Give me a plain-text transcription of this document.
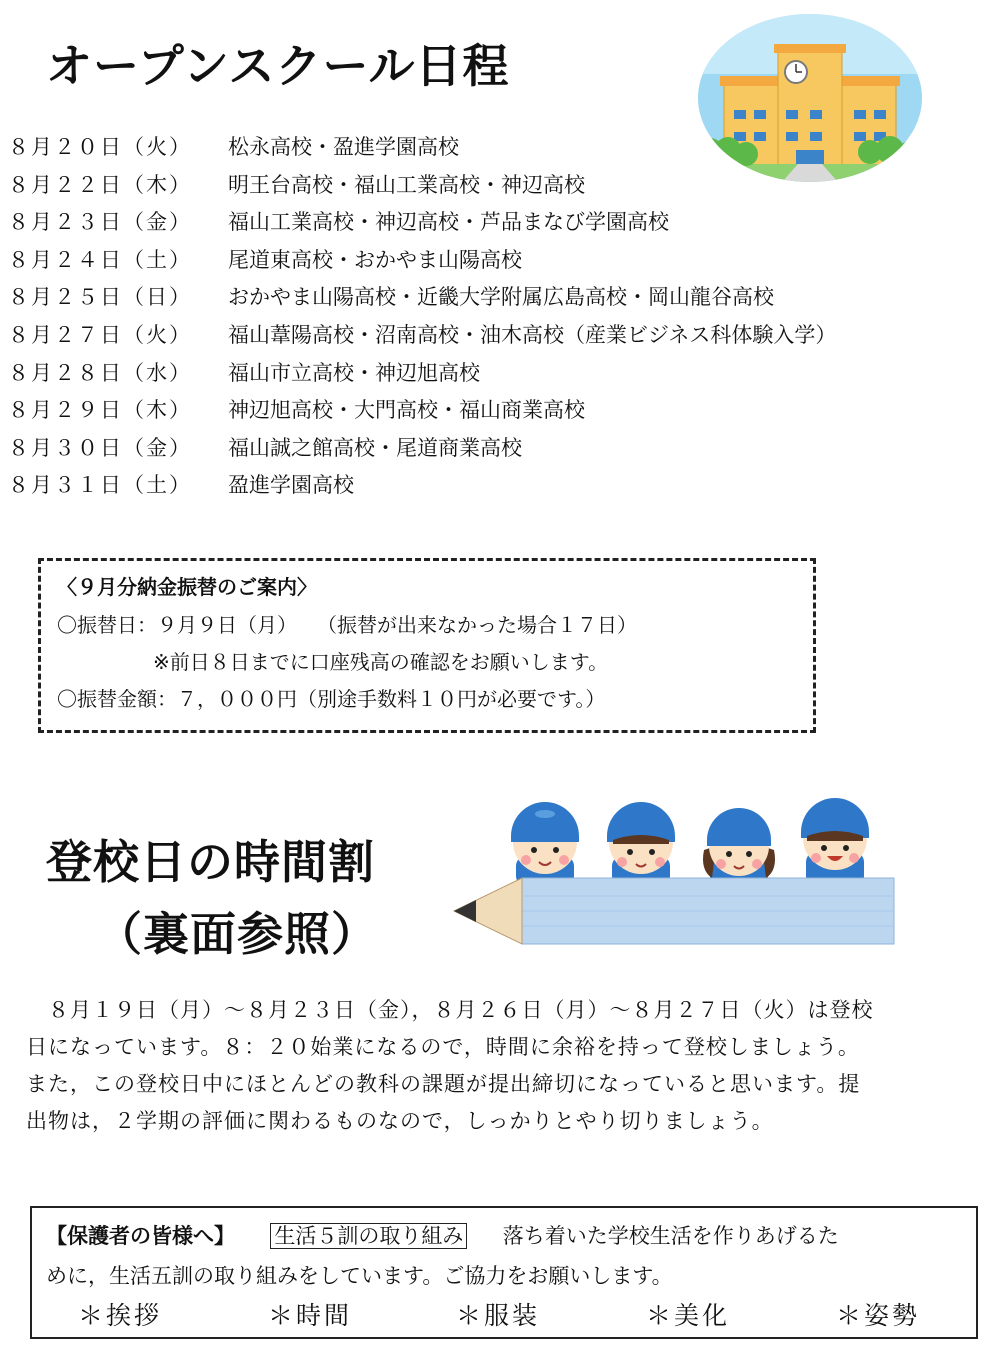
オープンスクール日程
８月２０日（火） 松永高校・盈進学園高校
８月２２日（木） 明王台高校・福山工業高校・神辺高校
８月２３日（金） 福山工業高校・神辺高校・芦品まなび学園高校
８月２４日（土） 尾道東高校・おかやま山陽高校
８月２５日（日） おかやま山陽高校・近畿大学附属広島高校・岡山龍谷高校
８月２７日（火） 福山葦陽高校・沼南高校・油木高校（産業ビジネス科体験入学）
８月２８日（水） 福山市立高校・神辺旭高校
８月２９日（木） 神辺旭高校・大門高校・福山商業高校
８月３０日（金） 福山誠之館高校・尾道商業高校
８月３１日（土） 盈進学園高校
〈９月分納金振替のご案内〉
〇振替日：９月９日（月）　　（振替が出来なかった場合１７日）
※前日８日までに口座残高の確認をお願いします。
〇振替金額：７，０００円（別途手数料１０円が必要です。）
登校日の時間割
（裏面参照）

　８月１９日（月）～８月２３日（金），８月２６日（月）～８月２７日（火）は登校

日になっています。８：２０始業になるので，時間に余裕を持って登校しましょう。

また，この登校日中にほとんどの教科の課題が提出締切になっていると思います。提

出物は，２学期の評価に関わるものなので，しっかりとやり切りましょう。

【保護者の皆様へ】 生活５訓の取り組み 落ち着いた学校生活を作りあげるた
めに，生活五訓の取り組みをしています。ご協力をお願いします。
＊挨拶	＊時間	＊服装	＊美化	＊姿勢
